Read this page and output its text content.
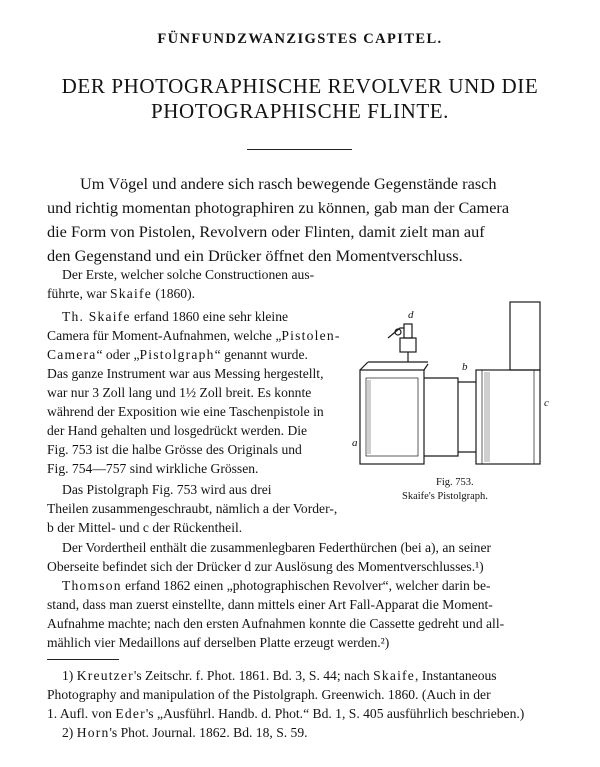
FÜNFUNDZWANZIGSTES CAPITEL.
DER PHOTOGRAPHISCHE REVOLVER UND DIE
PHOTOGRAPHISCHE FLINTE.
Um Vögel und andere sich rasch bewegende Gegenstände rasch
und richtig momentan photographiren zu können, gab man der Camera
die Form von Pistolen, Revolvern oder Flinten, damit zielt man auf
den Gegenstand und ein Drücker öffnet den Momentverschluss.
Der Erste, welcher solche Constructionen aus-
führte, war Skaife (1860).
Th. Skaife erfand 1860 eine sehr kleine
Camera für Moment-Aufnahmen, welche „Pistolen-
Camera“ oder „Pistolgraph“ genannt wurde.
Das ganze Instrument war aus Messing hergestellt,
war nur 3 Zoll lang und 1½ Zoll breit. Es konnte
während der Exposition wie eine Taschenpistole in
der Hand gehalten und losgedrückt werden. Die
Fig. 753 ist die halbe Grösse des Originals und
Fig. 754—757 sind wirkliche Grössen.
Das Pistolgraph Fig. 753 wird aus drei
Theilen zusammengeschraubt, nämlich a der Vorder-,
b der Mittel- und c der Rückentheil.
Der Vordertheil enthält die zusammenlegbaren Federthürchen (bei a), an seiner
Oberseite befindet sich der Drücker d zur Auslösung des Momentverschlusses.¹)
Thomson erfand 1862 einen „photographischen Revolver“, welcher darin be-
stand, dass man zuerst einstellte, dann mittels einer Art Fall-Apparat die Moment-
Aufnahme machte; nach den ersten Aufnahmen konnte die Cassette gedreht und all-
mählich vier Medaillons auf derselben Platte erzeugt werden.²)
d
b
c
a
Fig. 753.
Skaife's Pistolgraph.
1) Kreutzer's Zeitschr. f. Phot. 1861. Bd. 3, S. 44; nach Skaife, Instantaneous
Photography and manipulation of the Pistolgraph. Greenwich. 1860. (Auch in der
1. Aufl. von Eder's „Ausführl. Handb. d. Phot.“ Bd. 1, S. 405 ausführlich beschrieben.)
2) Horn's Phot. Journal. 1862. Bd. 18, S. 59.
